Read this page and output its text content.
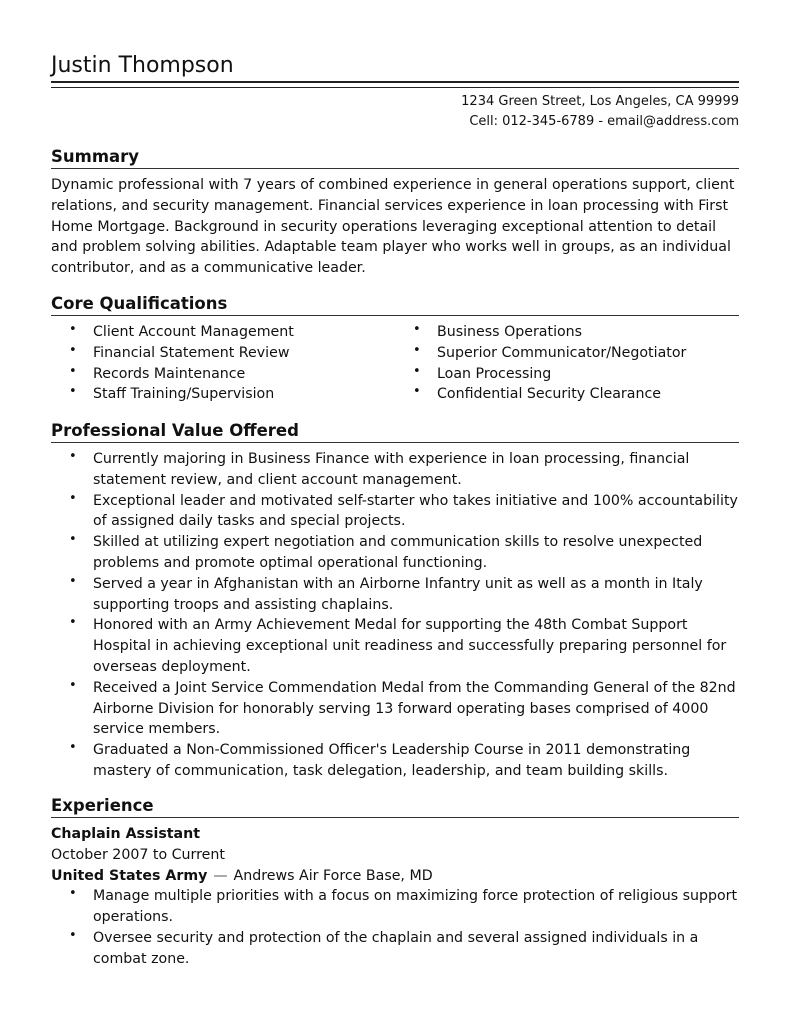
Justin Thompson
1234 Green Street, Los Angeles, CA 99999
Cell: 012-345-6789 - email@address.com
Summary

Dynamic professional with 7 years of combined experience in general operations support, client relations, and security management. Financial services experience in loan processing with First Home Mortgage. Background in security operations leveraging exceptional attention to detail and problem solving abilities. Adaptable team player who works well in groups, as an individual contributor, and as a communicative leader.

Core Qualifications
• Client Account Management
• Financial Statement Review
• Records Maintenance
• Staff Training/Supervision
• Business Operations
• Superior Communicator/Negotiator
• Loan Processing
• Confidential Security Clearance
Professional Value Offered
• Currently majoring in Business Finance with experience in loan processing, financial statement review, and client account management.
• Exceptional leader and motivated self-starter who takes initiative and 100% accountability of assigned daily tasks and special projects.
• Skilled at utilizing expert negotiation and communication skills to resolve unexpected problems and promote optimal operational functioning.
• Served a year in Afghanistan with an Airborne Infantry unit as well as a month in Italy supporting troops and assisting chaplains.
• Honored with an Army Achievement Medal for supporting the 48th Combat Support Hospital in achieving exceptional unit readiness and successfully preparing personnel for overseas deployment.
• Received a Joint Service Commendation Medal from the Commanding General of the 82nd Airborne Division for honorably serving 13 forward operating bases comprised of 4000 service members.
• Graduated a Non-Commissioned Officer's Leadership Course in 2011 demonstrating mastery of communication, task delegation, leadership, and team building skills.
Experience

Chaplain Assistant

October 2007 to Current

United States Army — Andrews Air Force Base, MD

• Manage multiple priorities with a focus on maximizing force protection of religious support operations.
• Oversee security and protection of the chaplain and several assigned individuals in a combat zone.
